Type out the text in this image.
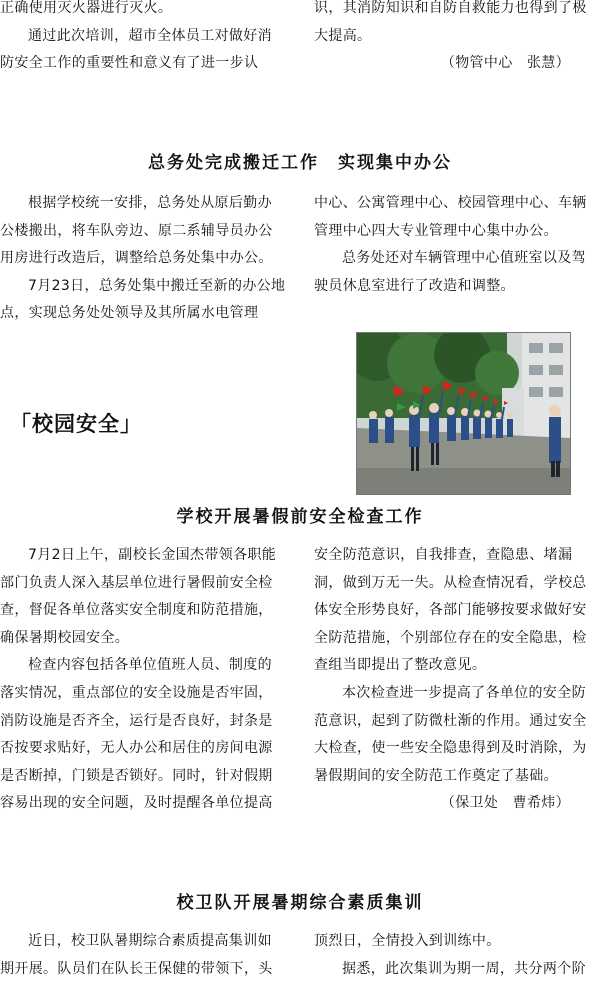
正确使用灭火器进行灭火。

通过此次培训，超市全体员工对做好消防安全工作的重要性和意义有了进一步认

识，其消防知识和自防自救能力也得到了极大提高。

（物管中心　张慧）

总务处完成搬迁工作　实现集中办公

根据学校统一安排，总务处从原后勤办公楼搬出，将车队旁边、原二系辅导员办公用房进行改造后，调整给总务处集中办公。

7月23日，总务处集中搬迁至新的办公地点，实现总务处处领导及其所属水电管理

中心、公寓管理中心、校园管理中心、车辆管理中心四大专业管理中心集中办公。

总务处还对车辆管理中心值班室以及驾驶员休息室进行了改造和调整。

「校园安全」
学校开展暑假前安全检查工作

7月2日上午，副校长金国杰带领各职能部门负责人深入基层单位进行暑假前安全检查，督促各单位落实安全制度和防范措施，确保暑期校园安全。

检查内容包括各单位值班人员、制度的落实情况，重点部位的安全设施是否牢固，消防设施是否齐全，运行是否良好，封条是否按要求贴好，无人办公和居住的房间电源是否断掉，门锁是否锁好。同时，针对假期容易出现的安全问题，及时提醒各单位提高

安全防范意识，自我排查，查隐患、堵漏洞，做到万无一失。从检查情况看，学校总体安全形势良好，各部门能够按要求做好安全防范措施，个别部位存在的安全隐患，检查组当即提出了整改意见。

本次检查进一步提高了各单位的安全防范意识，起到了防微杜渐的作用。通过安全大检查，使一些安全隐患得到及时消除，为暑假期间的安全防范工作奠定了基础。

（保卫处　曹希炜）

校卫队开展暑期综合素质集训

近日，校卫队暑期综合素质提高集训如期开展。队员们在队长王保健的带领下，头

顶烈日，全情投入到训练中。

据悉，此次集训为期一周，共分两个阶
